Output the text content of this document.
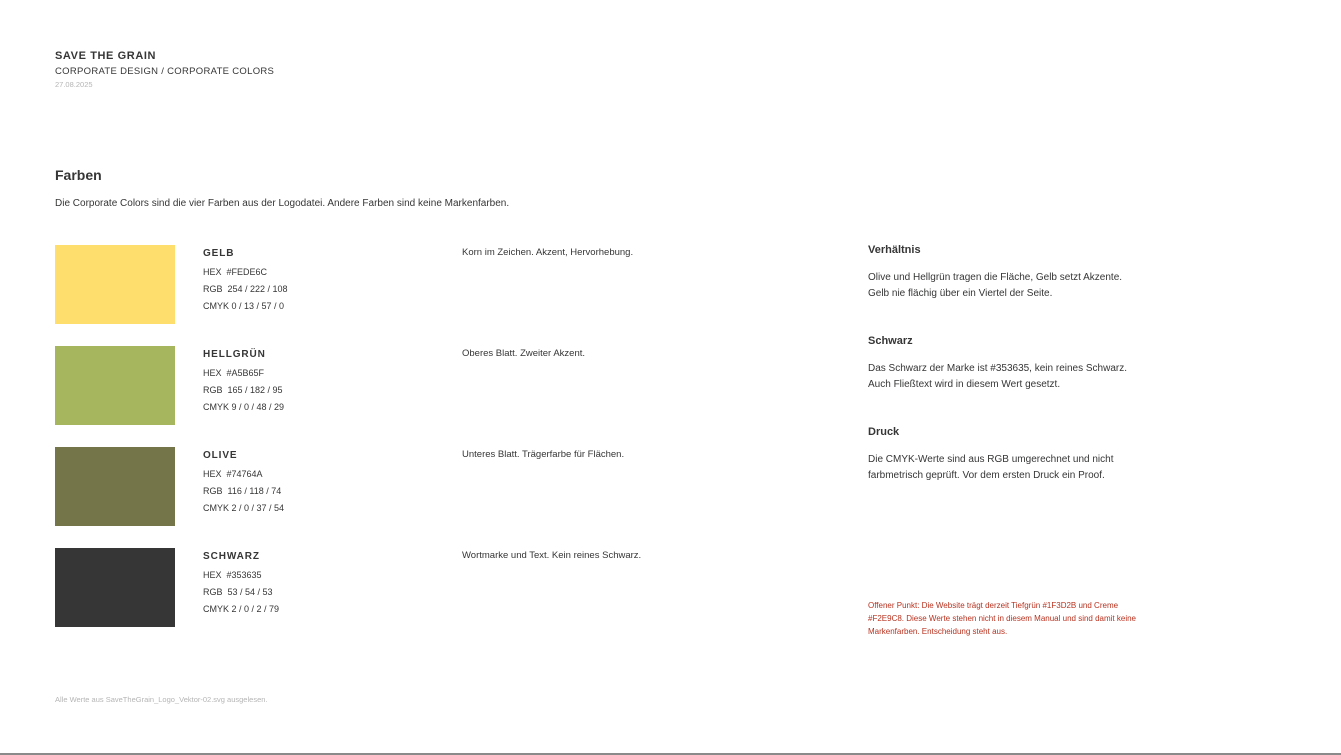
SAVE THE GRAIN
CORPORATE DESIGN / CORPORATE COLORS
27.08.2025
Farben
Die Corporate Colors sind die vier Farben aus der Logodatei. Andere Farben sind keine Markenfarben.
GELB
HEX  #FEDE6C
RGB  254 / 222 / 108
CMYK 0 / 13 / 57 / 0
Korn im Zeichen. Akzent, Hervorhebung.
HELLGRÜN
HEX  #A5B65F
RGB  165 / 182 / 95
CMYK 9 / 0 / 48 / 29
Oberes Blatt. Zweiter Akzent.
OLIVE
HEX  #74764A
RGB  116 / 118 / 74
CMYK 2 / 0 / 37 / 54
Unteres Blatt. Trägerfarbe für Flächen.
SCHWARZ
HEX  #353635
RGB  53 / 54 / 53
CMYK 2 / 0 / 2 / 79
Wortmarke und Text. Kein reines Schwarz.
Verhältnis
Olive und Hellgrün tragen die Fläche, Gelb setzt Akzente.
Gelb nie flächig über ein Viertel der Seite.
Schwarz
Das Schwarz der Marke ist #353635, kein reines Schwarz.
Auch Fließtext wird in diesem Wert gesetzt.
Druck
Die CMYK-Werte sind aus RGB umgerechnet und nicht
farbmetrisch geprüft. Vor dem ersten Druck ein Proof.
Offener Punkt: Die Website trägt derzeit Tiefgrün #1F3D2B und Creme
#F2E9C8. Diese Werte stehen nicht in diesem Manual und sind damit keine
Markenfarben. Entscheidung steht aus.
Alle Werte aus SaveTheGrain_Logo_Vektor-02.svg ausgelesen.
